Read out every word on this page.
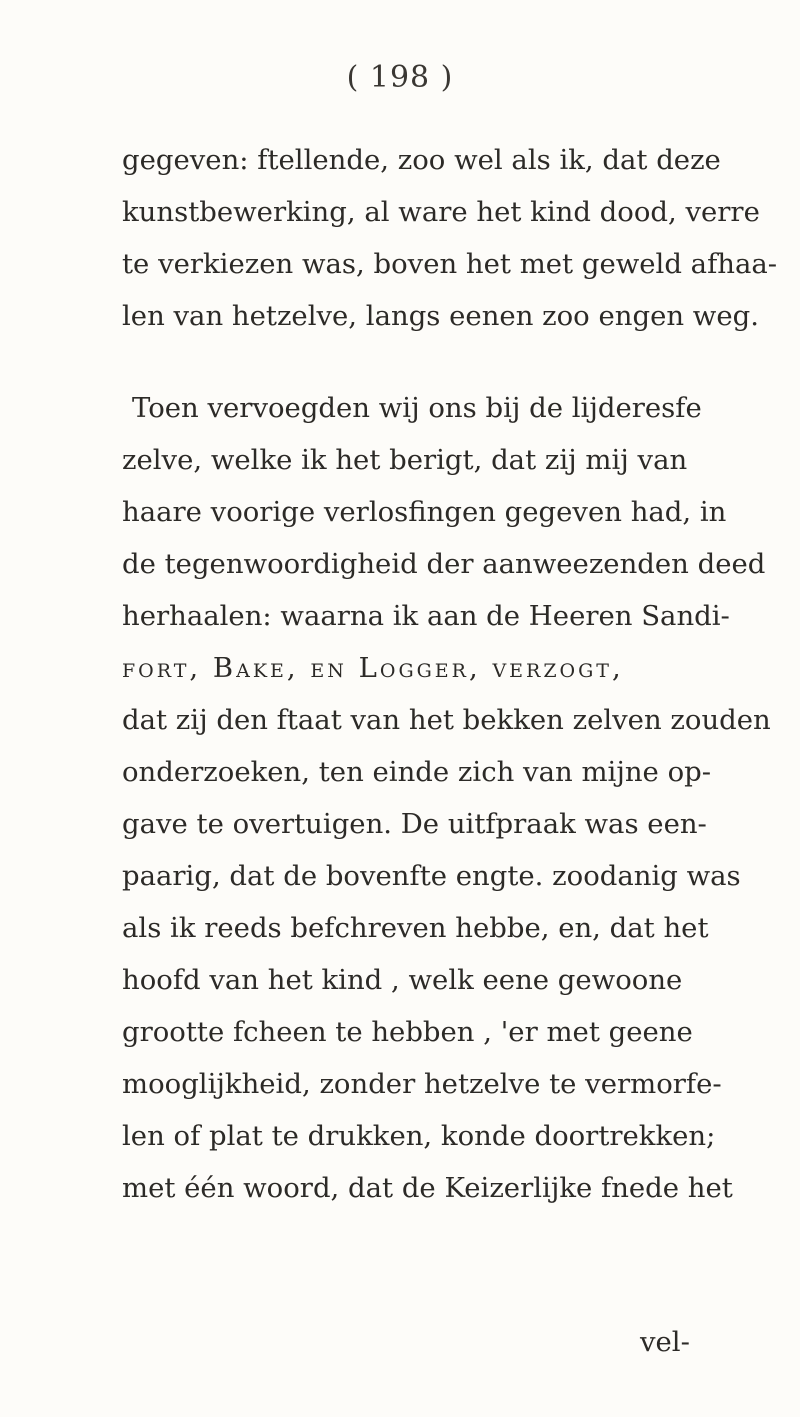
( 198 )
gegeven: ftellende, zoo wel als ik, dat deze
kunstbewerking, al ware het kind dood, verre
te verkiezen was, boven het met geweld afhaa-
len van hetzelve, langs eenen zoo engen weg.
Toen vervoegden wij ons bij de lijderesfe
zelve, welke ik het berigt, dat zij mij van
haare voorige verlosfingen gegeven had, in
de tegenwoordigheid der aanweezenden deed
herhaalen: waarna ik aan de Heeren Sandi-
fort, Bake, en Logger, verzogt,
dat zij den ftaat van het bekken zelven zouden
onderzoeken, ten einde zich van mijne op-
gave te overtuigen. De uitfpraak was een-
paarig, dat de bovenfte engte. zoodanig was
als ik reeds befchreven hebbe, en, dat het
hoofd van het kind , welk eene gewoone
grootte fcheen te hebben , 'er met geene
mooglijkheid, zonder hetzelve te vermorfe-
len of plat te drukken, konde doortrekken;
met één woord, dat de Keizerlijke fnede het
vel-
